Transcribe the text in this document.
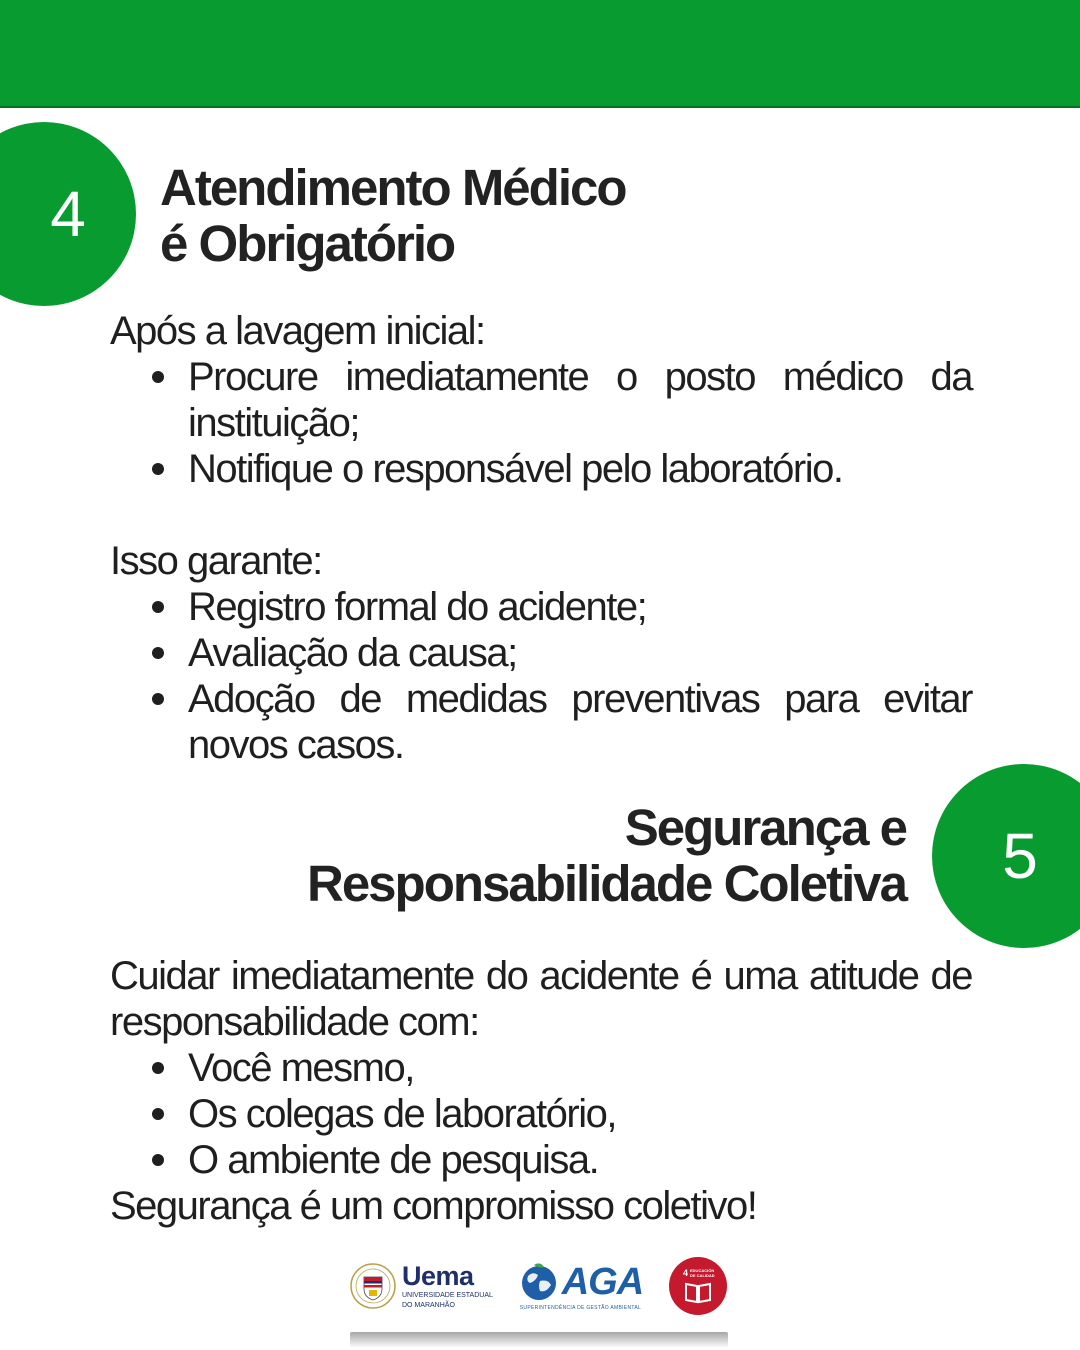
4 Atendimento Médico
é Obrigatório

Após a lavagem inicial:

Procure imediatamente o posto médico da instituição;
Notifique o responsável pelo laboratório.

Isso garante:

Registro formal do acidente;
Avaliação da causa;
Adoção de medidas preventivas para evitar novos casos.
Segurança e
Responsabilidade Coletiva 5

Cuidar imediatamente do acidente é uma atitude de responsabilidade com:

Você mesmo,
Os colegas de laboratório,
O ambiente de pesquisa.

Segurança é um compromisso coletivo!

Uema
UNIVERSIDADE ESTADUAL
DO MARANHÃO
AGA
SUPERINTENDÊNCIA DE GESTÃO AMBIENTAL
4 EDUCACIÓN
DE CALIDAD
